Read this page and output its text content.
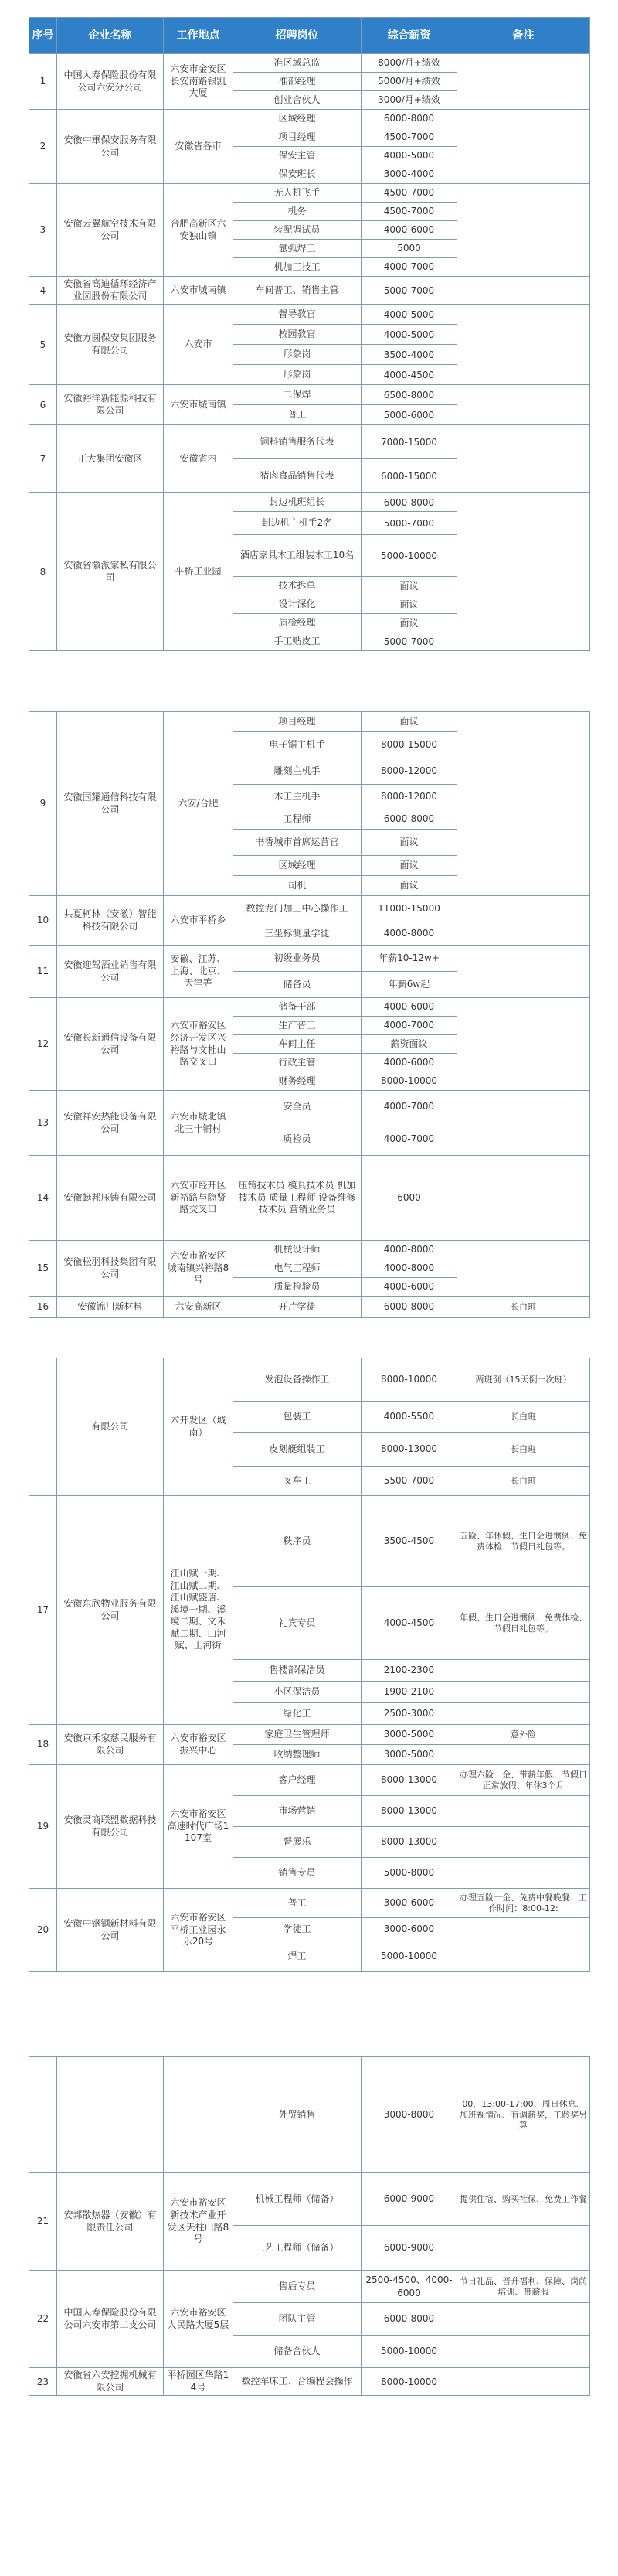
序号	企业名称	工作地点	招聘岗位	综合薪资	备注
1	中国人寿保险股份有限公司六安分公司	六安市金安区长安南路银凯大厦	准区域总监	8000/月+绩效	
			准部经理	5000/月+绩效	
			创业合伙人	3000/月+绩效	
2	安徽中軍保安服务有限公司	安徽省各市	区域经理	6000-8000	
			项目经理	4500-7000	
			保安主管	4000-5000	
			保安班长	3000-4000	
3	安徽云翼航空技术有限公司	合肥高新区六安独山镇	无人机飞手	4500-7000	
			机务	4500-7000	
			装配调试员	4000-6000	
			氩弧焊工	5000	
			机加工技工	4000-7000	
4	安徽省高迪循环经济产业园股份有限公司	六安市城南镇	车间普工、销售主管	5000-7000	
5	安徽方圆保安集团服务有限公司	六安市	督导教官	4000-5000	
			校园教官	4000-5000	
			形象岗	3500-4000	
			形象岗	4000-4500	
6	安徽裕洋新能源科技有限公司	六安市城南镇	二保焊	6500-8000	
			普工	5000-6000	
7	正大集团安徽区	安徽省内	饲料销售服务代表	7000-15000	
			猪肉食品销售代表	6000-15000	
8	安徽省徽派家私有限公司	平桥工业园	封边机班组长	6000-8000	
			封边机主机手2名	5000-7000	
			酒店家具木工组装木工10名	5000-10000	
			技术拆单	面议	
			设计深化	面议	
			质检经理	面议	
			手工贴皮工	5000-7000	
9	安徽国耀通信科技有限公司	六安/合肥	项目经理	面议	
			电子锯主机手	8000-15000	
			雕刻主机手	8000-12000	
			木工主机手	8000-12000	
			工程师	6000-8000	
			书香城市首席运营官	面议	
			区域经理	面议	
			司机	面议	
10	共夏柯林（安徽）智能科技有限公司	六安市平桥乡	数控龙门加工中心操作工	11000-15000	
			三坐标测量学徒	4000-8000	
11	安徽迎驾酒业销售有限公司	安徽、江苏、上海、北京、天津等	初级业务员	年薪10-12w+	
			储备员	年薪6w起	
12	安徽长新通信设备有限公司	六安市裕安区经济开发区兴裕路与文杜山路交叉口	储备干部	4000-6000	
			生产普工	4000-7000	
			车间主任	薪资面议	
			行政主管	4000-6000	
			财务经理	8000-10000	
13	安徽祥安热能设备有限公司	六安市城北镇北三十铺村	安全员	4000-7000	
			质检员	4000-7000	
14	安徽蜓邦压铸有限公司	六安市经开区新裕路与隐贤路交叉口	压铸技术员 模具技术员 机加技术员 质量工程师 设备维修技术员 营销业务员	6000	
15	安徽松羽科技集团有限公司	六安市裕安区城南镇兴裕路8号	机械设计师	4000-8000	
			电气工程师	4000-8000	
			质量检验员	4000-6000	
16	安徽锦川新材料	六安高新区	开片学徒	6000-8000	长白班
	有限公司	术开发区（城南）	发泡设备操作工	8000-10000	两班倒（15天倒一次班）
			包装工	4000-5500	长白班
			皮划艇组装工	8000-13000	长白班
			叉车工	5500-7000	长白班
17	安徽东欣物业服务有限公司	江山赋一期、江山赋二期、江山赋盛唐、溪境一期、溪境二期、文禾赋二期、山河赋、上河街	秩序员	3500-4500	五险、年休假、生日会进惯例、免费体检、节假日礼包等。
			礼宾专员	4000-4500	年假、生日会进惯例、免费体检、节假日礼包等。
			售楼部保洁员	2100-2300	
			小区保洁员	1900-2100	
			绿化工	2500-3000	
18	安徽京禾家慈民服务有限公司	六安市裕安区振兴中心	家庭卫生管理师	3000-5000	意外险
			收纳整理师	3000-5000	
19	安徽灵商联盟数据科技有限公司	六安市裕安区高速时代广场1107室	客户经理	8000-13000	办理六险一金、带薪年假、节假日正常放假、年休3个月
			市场营销	8000-13000	
			督展乐	8000-13000	
			销售专员	5000-8000	
20	安徽中钢钢新材料有限公司	六安市裕安区平桥工业园永乐20号	普工	3000-6000	办理五险一金、免费中餐晚餐、工作时间：8:00-12:
			学徒工	3000-6000	
			焊工	5000-10000	
			外贸销售	3000-8000	00、13:00-17:00、周日休息、加班视情况、有调薪奖，工龄奖另算
21	安邦散热器（安徽）有限责任公司	六安市裕安区新技术产业开发区天柱山路8号	机械工程师（储备）	6000-9000	提供住宿、购买社保、免费工作餐
			工艺工程师（储备）	6000-9000	
22	中国人寿保险股份有限公司六安市第二支公司	六安市裕安区人民路大厦5层	售后专员	2500-4500、4000-6000	节日礼品、晋升福利、保障、岗前培训、带薪假
			团队主管	6000-8000	
			储备合伙人	5000-10000	
23	安徽省六安挖掘机械有限公司	平桥园区华路14号	数控车床工、合编程会操作	8000-10000	
